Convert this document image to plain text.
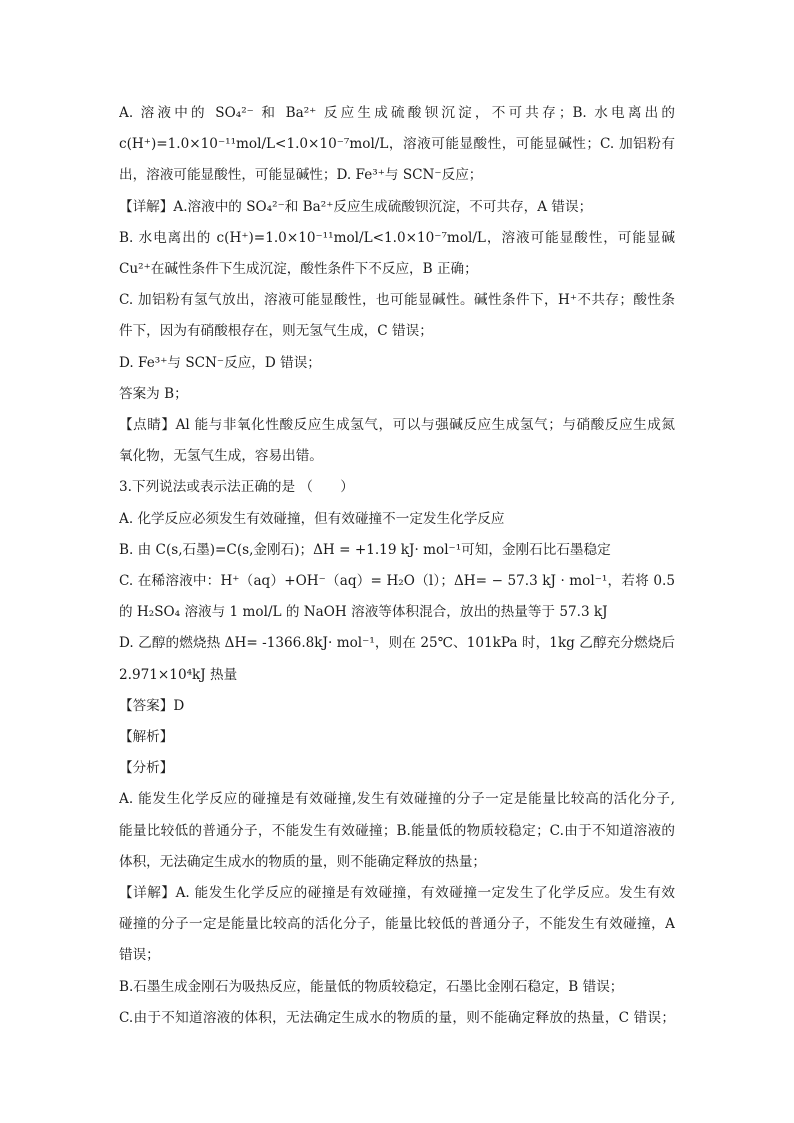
A. 溶液中的 SO₄²⁻ 和 Ba²⁺ 反应生成硫酸钡沉淀，不可共存；B. 水电离出的
c(H⁺)=1.0×10⁻¹¹mol/L<1.0×10⁻⁷mol/L，溶液可能显酸性，可能显碱性；C. 加铝粉有
出，溶液可能显酸性，可能显碱性；D. Fe³⁺与 SCN⁻反应；
【详解】A.溶液中的 SO₄²⁻和 Ba²⁺反应生成硫酸钡沉淀，不可共存，A 错误；
B. 水电离出的 c(H⁺)=1.0×10⁻¹¹mol/L<1.0×10⁻⁷mol/L，溶液可能显酸性，可能显碱
Cu²⁺在碱性条件下生成沉淀，酸性条件下不反应，B 正确；
C. 加铝粉有氢气放出，溶液可能显酸性，也可能显碱性。碱性条件下，H⁺不共存；酸性条
件下，因为有硝酸根存在，则无氢气生成，C 错误；
D. Fe³⁺与 SCN⁻反应，D 错误；
答案为 B；
【点睛】Al 能与非氧化性酸反应生成氢气，可以与强碱反应生成氢气；与硝酸反应生成氮
氧化物，无氢气生成，容易出错。
3.下列说法或表示法正确的是 （　　）
A. 化学反应必须发生有效碰撞，但有效碰撞不一定发生化学反应
B. 由 C(s,石墨)=C(s,金刚石)；ΔH = +1.19 kJ· mol⁻¹可知，金刚石比石墨稳定
C. 在稀溶液中：H⁺（aq）+OH⁻（aq）= H₂O（l）；ΔH= − 57.3 kJ · mol⁻¹，若将 0.5
的 H₂SO₄ 溶液与 1 mol/L 的 NaOH 溶液等体积混合，放出的热量等于 57.3 kJ
D. 乙醇的燃烧热 ΔH= -1366.8kJ· mol⁻¹，则在 25℃、101kPa 时，1kg 乙醇充分燃烧后
2.971×10⁴kJ 热量
【答案】D
【解析】
【分析】
A. 能发生化学反应的碰撞是有效碰撞,发生有效碰撞的分子一定是能量比较高的活化分子,
能量比较低的普通分子，不能发生有效碰撞；B.能量低的物质较稳定；C.由于不知道溶液的
体积，无法确定生成水的物质的量，则不能确定释放的热量；
【详解】A. 能发生化学反应的碰撞是有效碰撞，有效碰撞一定发生了化学反应。发生有效
碰撞的分子一定是能量比较高的活化分子，能量比较低的普通分子，不能发生有效碰撞，A
错误；
B.石墨生成金刚石为吸热反应，能量低的物质较稳定，石墨比金刚石稳定，B 错误；
C.由于不知道溶液的体积，无法确定生成水的物质的量，则不能确定释放的热量，C 错误；
